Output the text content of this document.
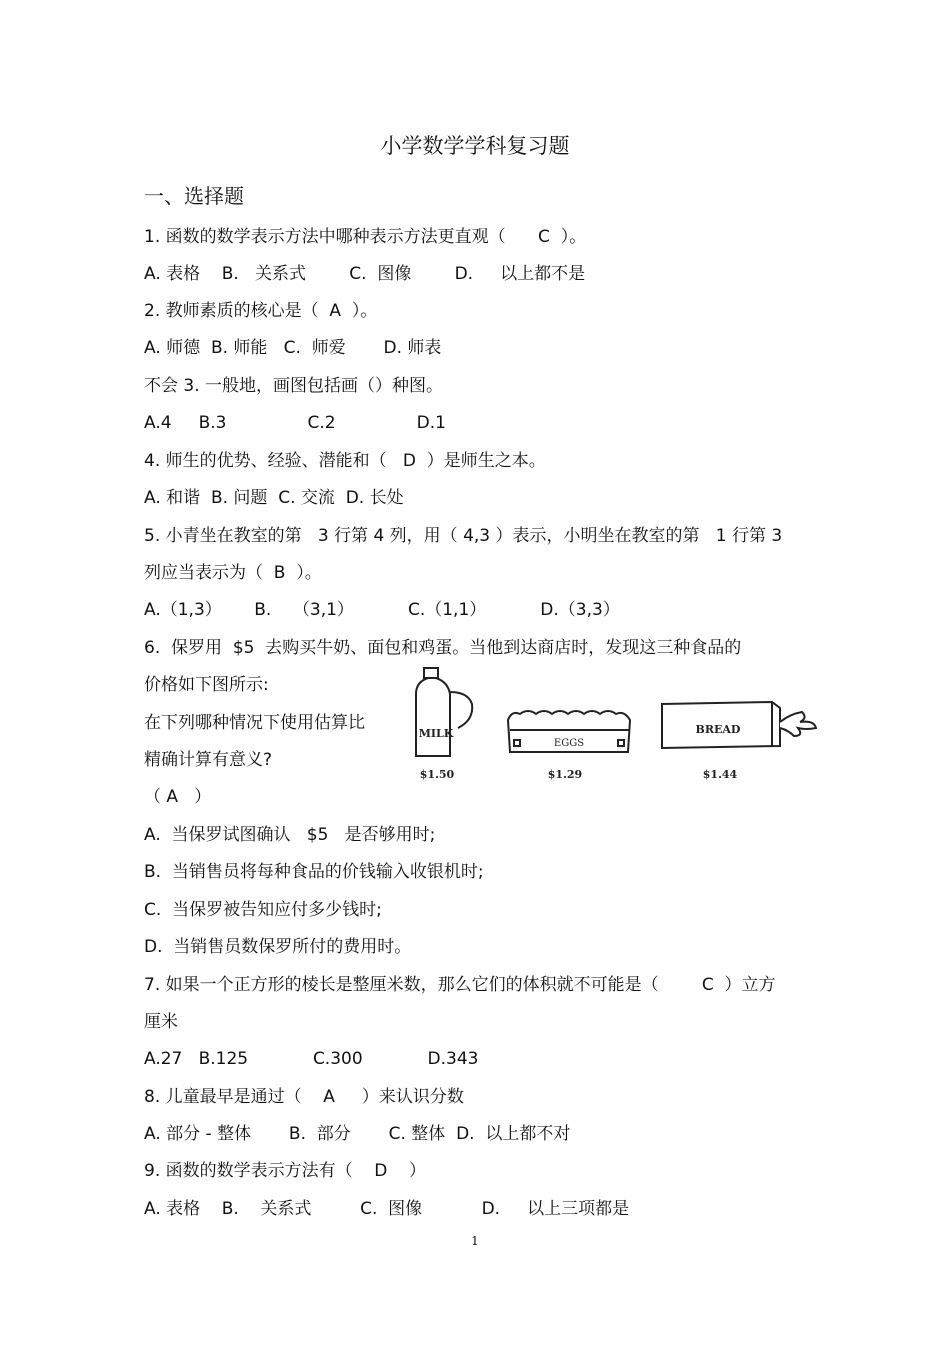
小学数学学科复习题
一、选择题
1. 函数的数学表示方法中哪种表示方法更直观（      C  ）。
A. 表格    B.   关系式        C.  图像        D.     以上都不是
2. 教师素质的核心是（  A  ）。
A. 师德  B. 师能   C.  师爱       D. 师表
不会 3. 一般地，画图包括画（）种图。
A.4     B.3               C.2               D.1
4. 师生的优势、经验、潜能和（   D  ）是师生之本。
A. 和谐  B. 问题  C. 交流  D. 长处
5. 小青坐在教室的第   3 行第 4 列，用（ 4,3 ）表示，小明坐在教室的第   1 行第 3
列应当表示为（  B  ）。
A.（1,3）      B.    （3,1）          C.（1,1）          D.（3,3）
6.  保罗用  $5  去购买牛奶、面包和鸡蛋。当他到达商店时，发现这三种食品的
价格如下图所示:
在下列哪种情况下使用估算比
精确计算有意义?
（ A   ）
A.  当保罗试图确认   $5   是否够用时;
B.  当销售员将每种食品的价钱输入收银机时;
C.  当保罗被告知应付多少钱时;
D.  当销售员数保罗所付的费用时。
7. 如果一个正方形的棱长是整厘米数，那么它们的体积就不可能是（        C  ）立方
厘米
A.27   B.125            C.300            D.343
8. 儿童最早是通过（    A     ）来认识分数
A. 部分 - 整体       B.  部分       C. 整体  D.  以上都不对
9. 函数的数学表示方法有（    D    ）
A. 表格    B.    关系式         C.  图像           D.     以上三项都是
MILK
$1.50
EGGS
$1.29
BREAD
$1.44
1
